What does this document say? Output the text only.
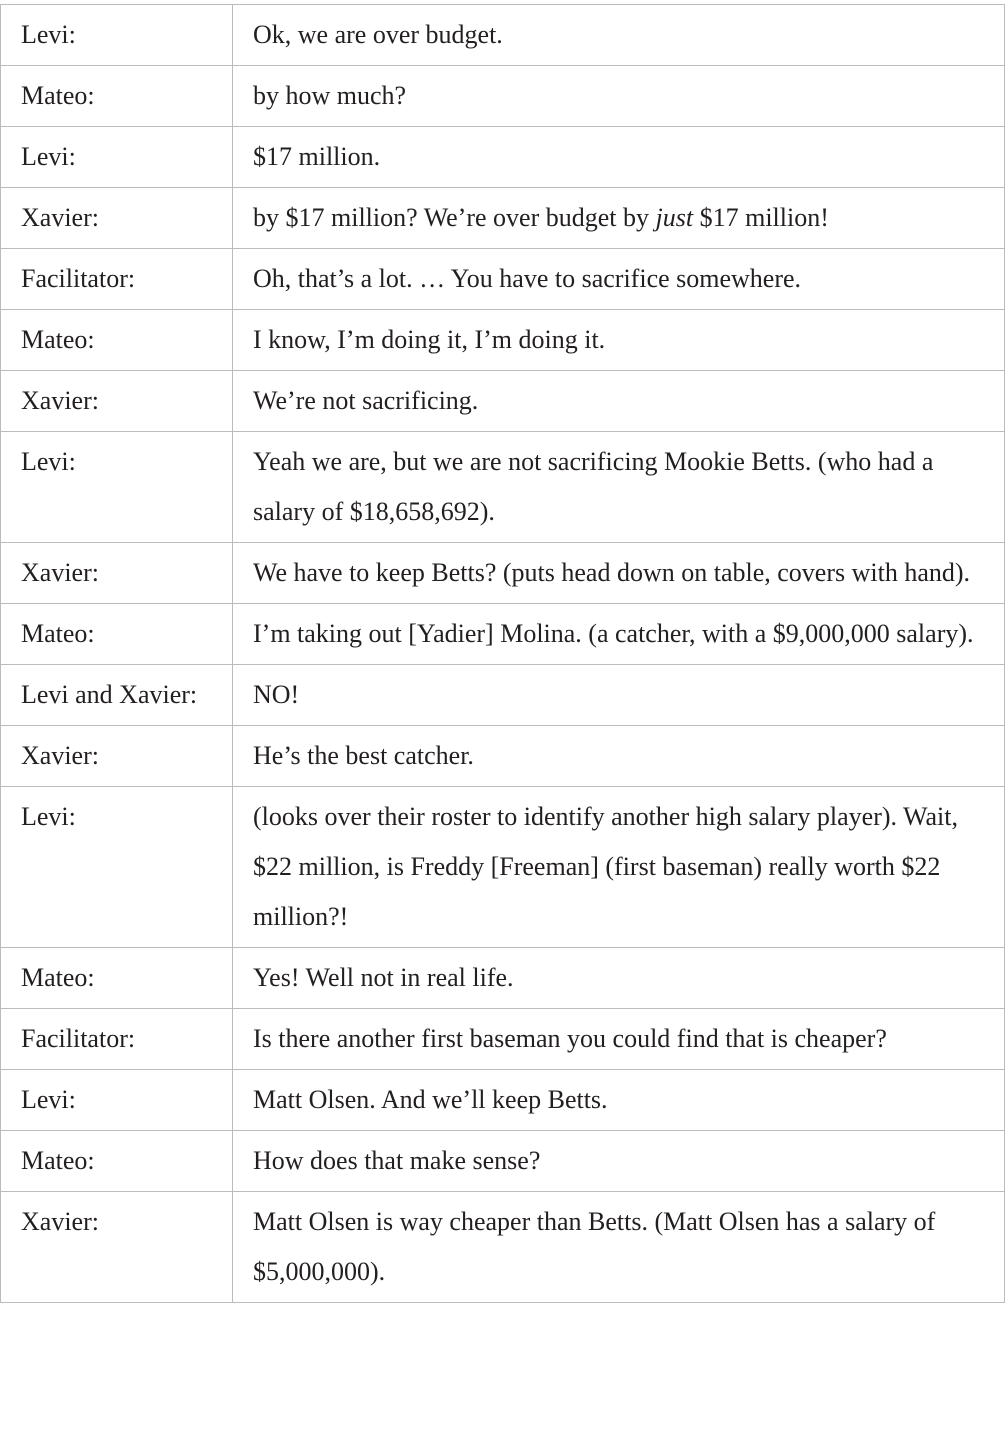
Levi:	Ok, we are over budget.
Mateo:	by how much?
Levi:	$17 million.
Xavier:	by $17 million? We’re over budget by just $17 million!
Facilitator:	Oh, that’s a lot. … You have to sacrifice somewhere.
Mateo:	I know, I’m doing it, I’m doing it.
Xavier:	We’re not sacrificing.
Levi:	Yeah we are, but we are not sacrificing Mookie Betts. (who had a salary of $18,658,692).
Xavier:	We have to keep Betts? (puts head down on table, covers with hand).
Mateo:	I’m taking out [Yadier] Molina. (a catcher, with a $9,000,000 salary).
Levi and Xavier:	NO!
Xavier:	He’s the best catcher.
Levi:	(looks over their roster to identify another high salary player). Wait, $22 million, is Freddy [Freeman] (first baseman) really worth $22 million?!
Mateo:	Yes! Well not in real life.
Facilitator:	Is there another first baseman you could find that is cheaper?
Levi:	Matt Olsen. And we’ll keep Betts.
Mateo:	How does that make sense?
Xavier:	Matt Olsen is way cheaper than Betts. (Matt Olsen has a salary of $5,000,000).
